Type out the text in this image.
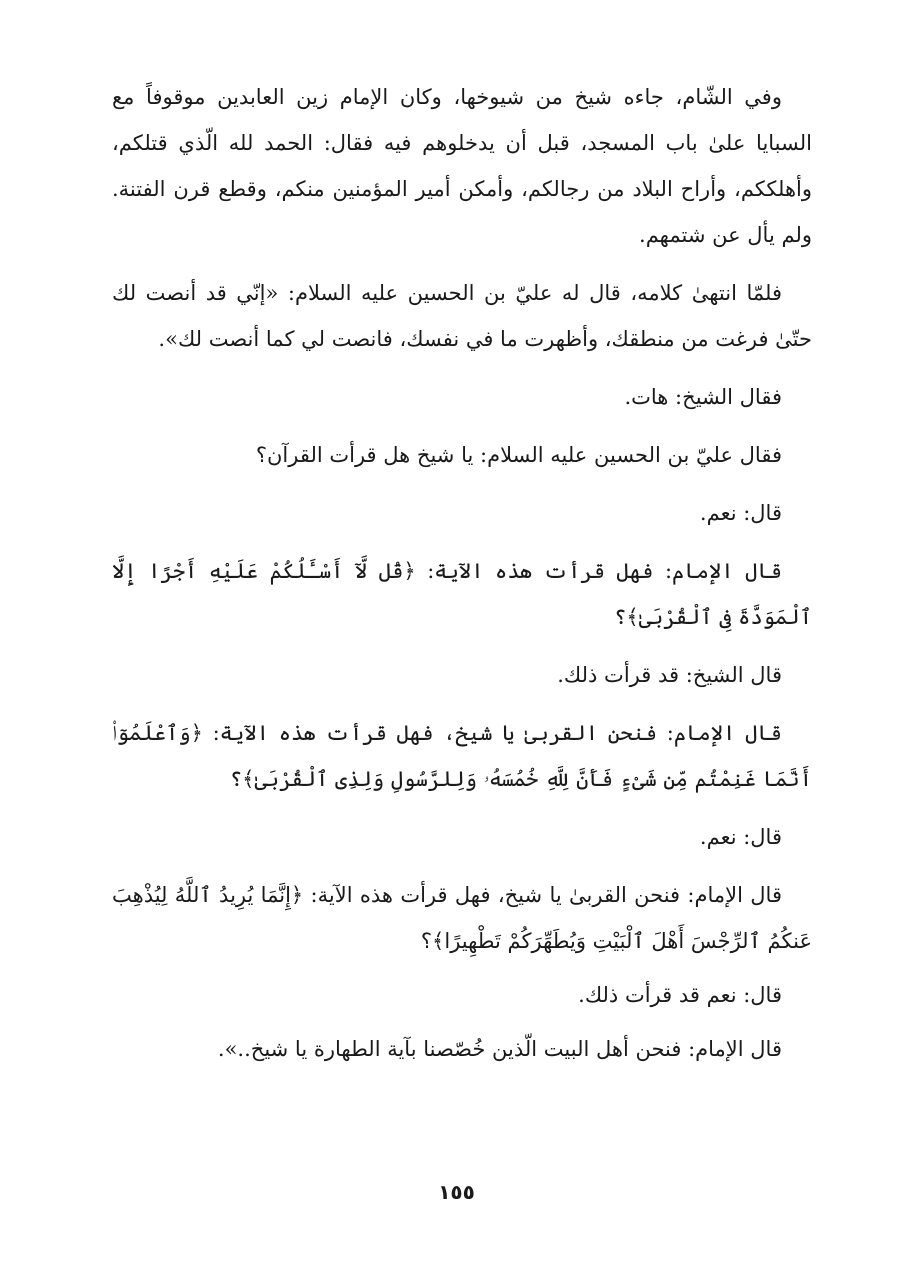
وفي الشّام، جاءه شيخ من شيوخها، وكان الإمام زين العابدين موقوفاً مع السبايا علىٰ باب المسجد، قبل أن يدخلوهم فيه فقال: الحمد لله الّذي قتلكم، وأهلككم، وأراح البلاد من رجالكم، وأمكن أمير المؤمنين منكم، وقطع قرن الفتنة. ولم يأل عن شتمهم.

فلمّا انتهىٰ كلامه، قال له عليّ بن الحسين عليه السلام: «إنّي قد أنصت لك حتّىٰ فرغت من منطقك، وأظهرت ما في نفسك، فانصت لي كما أنصت لك».

فقال الشيخ: هات.

فقال عليّ بن الحسين عليه السلام: يا شيخ هل قرأت القرآن؟

قال: نعم.

قال الإمام: فهل قرأت هذه الآية: ﴿قُل لَّآ أَسْـَٔلُكُمْ عَلَيْهِ أَجْرًا إِلَّا ٱلْمَوَدَّةَ فِى ٱلْقُرْبَىٰ﴾؟

قال الشيخ: قد قرأت ذلك.

قال الإمام: فنحن القربىٰ يا شيخ، فهل قرأت هذه الآية: ﴿وَٱعْلَمُوٓا۟ أَنَّمَا غَنِمْتُم مِّن شَىْءٍ فَأَنَّ لِلَّهِ خُمُسَهُۥ وَلِلرَّسُولِ وَلِذِى ٱلْقُرْبَىٰ﴾؟

قال: نعم.

قال الإمام: فنحن القربىٰ يا شيخ، فهل قرأت هذه الآية: ﴿إِنَّمَا يُرِيدُ ٱللَّهُ لِيُذْهِبَ عَنكُمُ ٱلرِّجْسَ أَهْلَ ٱلْبَيْتِ وَيُطَهِّرَكُمْ تَطْهِيرًا﴾؟

قال: نعم قد قرأت ذلك.

قال الإمام: فنحن أهل البيت الّذين خُصّصنا بآية الطهارة يا شيخ..».

١٥٥
